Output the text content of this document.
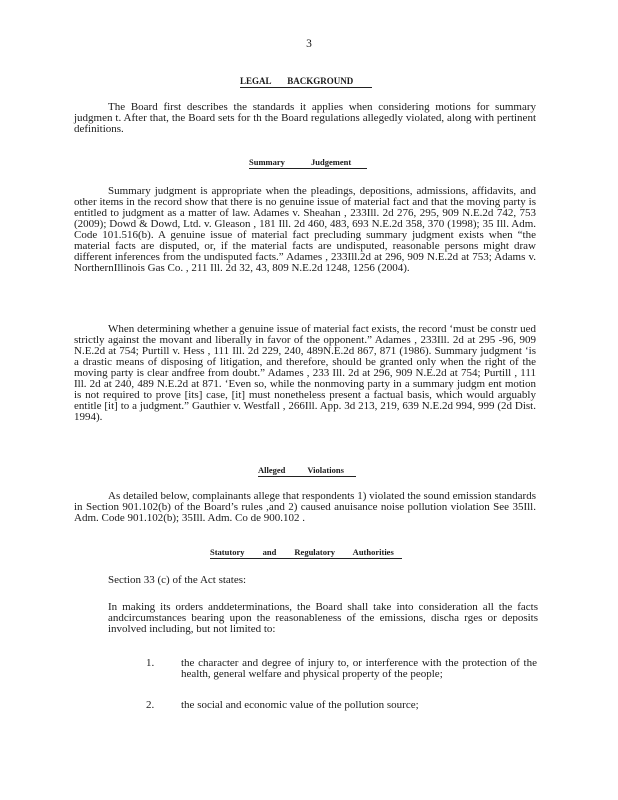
3
LEGAL BACKGROUND
The Board first describes the standards it applies when considering motions for summary judgmen t. After that, the Board sets for th the Board regulations allegedly violated, along with pertinent definitions.
Summary Judgement
Summary judgment is appropriate when the pleadings, depositions, admissions, affidavits, and other items in the record show that there is no genuine issue of material fact and that the moving party is entitled to judgment as a matter of law. Adames v. Sheahan , 233Ill. 2d 276, 295, 909 N.E.2d 742, 753 (2009); Dowd & Dowd, Ltd. v. Gleason , 181 Ill. 2d 460, 483, 693 N.E.2d 358, 370 (1998); 35 Ill. Adm. Code 101.516(b). A genuine issue of material fact precluding summary judgment exists when “the material facts are disputed, or, if the material facts are undisputed, reasonable persons might draw different inferences from the undisputed facts.” Adames , 233Ill.2d at 296, 909 N.E.2d at 753; Adams v. NorthernIllinois Gas Co. , 211 Ill. 2d 32, 43, 809 N.E.2d 1248, 1256 (2004).
When determining whether a genuine issue of material fact exists, the record ‘must be constr ued strictly against the movant and liberally in favor of the opponent.” Adames , 233Ill. 2d at 295 -96, 909 N.E.2d at 754; Purtill v. Hess , 111 Ill. 2d 229, 240, 489N.E.2d 867, 871 (1986). Summary judgment ‘is a drastic means of disposing of litigation, and therefore, should be granted only when the right of the moving party is clear andfree from doubt.” Adames , 233 Ill. 2d at 296, 909 N.E.2d at 754; Purtill , 111 Ill. 2d at 240, 489 N.E.2d at 871. ‘Even so, while the nonmoving party in a summary judgm ent motion is not required to prove [its] case, [it] must nonetheless present a factual basis, which would arguably entitle [it] to a judgment.” Gauthier v. Westfall , 266Ill. App. 3d 213, 219, 639 N.E.2d 994, 999 (2d Dist. 1994).
Alleged Violations
As detailed below, complainants allege that respondents 1) violated the sound emission standards in Section 901.102(b) of the Board’s rules ,and 2) caused anuisance noise pollution violation See 35Ill. Adm. Code 901.102(b); 35Ill. Adm. Co de 900.102 .
Statutory and Regulatory Authorities
Section 33 (c) of the Act states:
In making its orders anddeterminations, the Board shall take into consideration all the facts andcircumstances bearing upon the reasonableness of the emissions, discha rges or deposits involved including, but not limited to:
1. the character and degree of injury to, or interference with the protection of the health, general welfare and physical property of the people;
2. the social and economic value of the pollution source;
